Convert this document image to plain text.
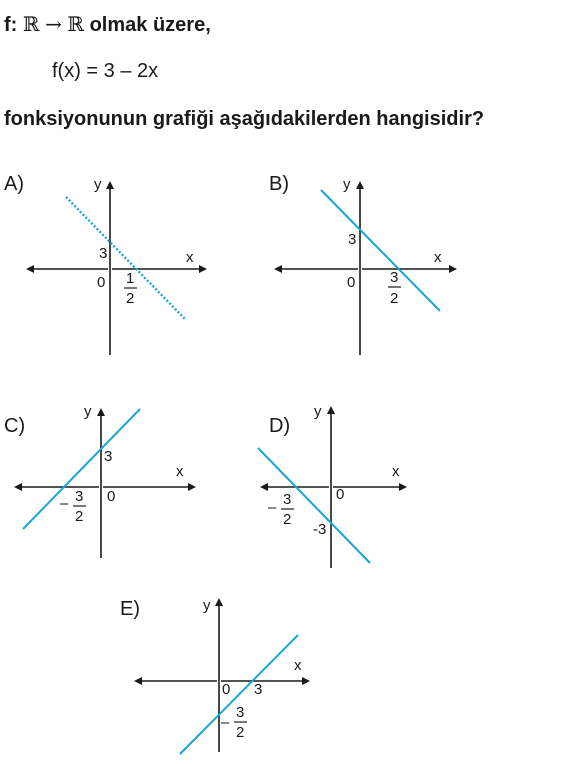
f: ℝ → ℝ olmak üzere,
f(x) = 3 – 2x
fonksiyonunun grafiği aşağıdakilerden hangisidir?
A)	y
x
3
0 1
2
B)	y
x
3
0 3
2
C)
y
x
3
0
– 3
2
D)
y
x
-3
0
– 3
2
E)	y
x
0 3
–
3
2
